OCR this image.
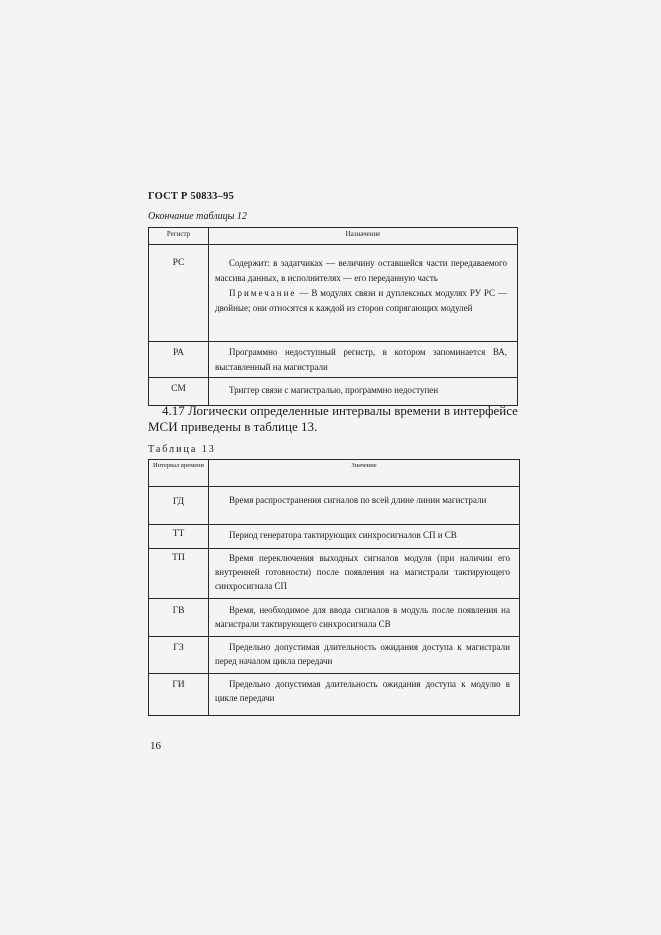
ГОСТ Р 50833–95
Окончание таблицы 12
Регистр	Назначение
РС	Содержит: в задатчиках — величину оставшейся части передаваемого массива данных, в исполнителях — его переданную часть

Примечание — В модулях связи и дуплексных модулях РУ РС — двойные; они относятся к каждой из сторон сопрягающих модулей

РА	Программно недоступный регистр, в котором запоминается ВА, выставленный на магистрали

СМ	Триггер связи с магистралью, программно недоступен

4.17 Логически определенные интервалы времени в интерфейсе МСИ приведены в таблице 13.

Таблица 13
Интервал времени	Значение
ГД	Время распространения сигналов по всей длине линии магистрали

ТТ	Период генератора тактирующих синхросигналов СП и СВ

ТП	Время переключения выходных сигналов модуля (при наличии его внутренней готовности) после появления на магистрали тактирующего синхросигнала СП

ГВ	Время, необходимое для ввода сигналов в модуль после появления на магистрали тактирующего синхросигнала СВ

ГЗ	Предельно допустимая длительность ожидания доступа к магистрали перед началом цикла передачи

ГИ	Предельно допустимая длительность ожидания доступа к модулю в цикле передачи

16
